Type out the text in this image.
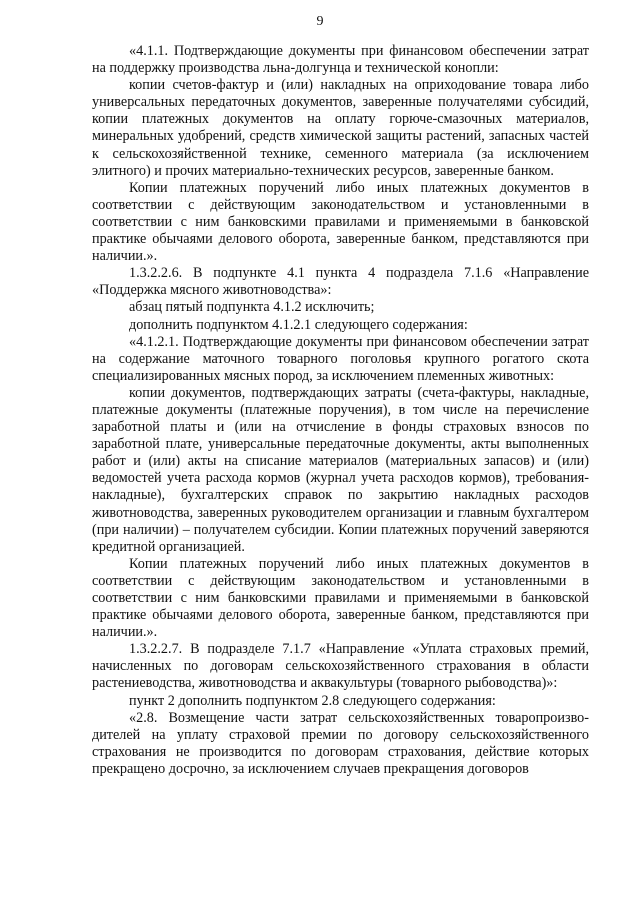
9

«4.1.1. Подтверждающие документы при финансовом обеспечении затрат на поддержку производства льна-долгунца и технической конопли:

копии счетов-фактур и (или) накладных на оприходование товара либо универсальных передаточных документов, заверенные получателями субсидий, копии платежных документов на оплату горюче-смазочных материалов, минеральных удобрений, средств химической защиты растений, запасных частей к сельскохозяйственной технике, семенного материала (за исключением элитного) и прочих материально-технических ресурсов, заверенные банком.

Копии платежных поручений либо иных платежных документов в соответствии с действующим законодательством и установленными в соответствии с ним банковскими правилами и применяемыми в банковской практике обычаями делового оборота, заверенные банком, представляются при наличии.».

1.3.2.2.6. В подпункте 4.1 пункта 4 подраздела 7.1.6 «Направление «Поддержка мясного животноводства»:

абзац пятый подпункта 4.1.2 исключить;

дополнить подпунктом 4.1.2.1 следующего содержания:

«4.1.2.1. Подтверждающие документы при финансовом обеспечении затрат на содержание маточного товарного поголовья крупного рогатого скота специализированных мясных пород, за исключением племенных животных:

копии документов, подтверждающих затраты (счета-фактуры, накладные, платежные документы (платежные поручения), в том числе на перечисление заработной платы и (или на отчисление в фонды страховых взносов по заработной плате, универсальные передаточные документы, акты выполненных работ и (или) акты на списание материалов (материальных запасов) и (или) ведомостей учета расхода кормов (журнал учета расходов кормов), требования-накладные), бухгалтерских справок по закрытию накладных расходов животноводства, заверенных руководителем организации и главным бухгалтером (при наличии) – получателем субсидии. Копии платежных поручений заверяются кредитной организацией.

Копии платежных поручений либо иных платежных документов в соответствии с действующим законодательством и установленными в соответствии с ним банковскими правилами и применяемыми в банковской практике обычаями делового оборота, заверенные банком, представляются при наличии.».

1.3.2.2.7. В подразделе 7.1.7 «Направление «Уплата страховых премий, начисленных по договорам сельскохозяйственного страхования в области растениеводства, животноводства и аквакультуры (товарного рыбоводства)»:

пункт 2 дополнить подпунктом 2.8 следующего содержания:

«2.8. Возмещение части затрат сельскохозяйственных товаропроизводителей на уплату страховой премии по договору сельскохозяйственного страхования не производится по договорам страхования, действие которых прекращено досрочно, за исключением случаев прекращения договоров
